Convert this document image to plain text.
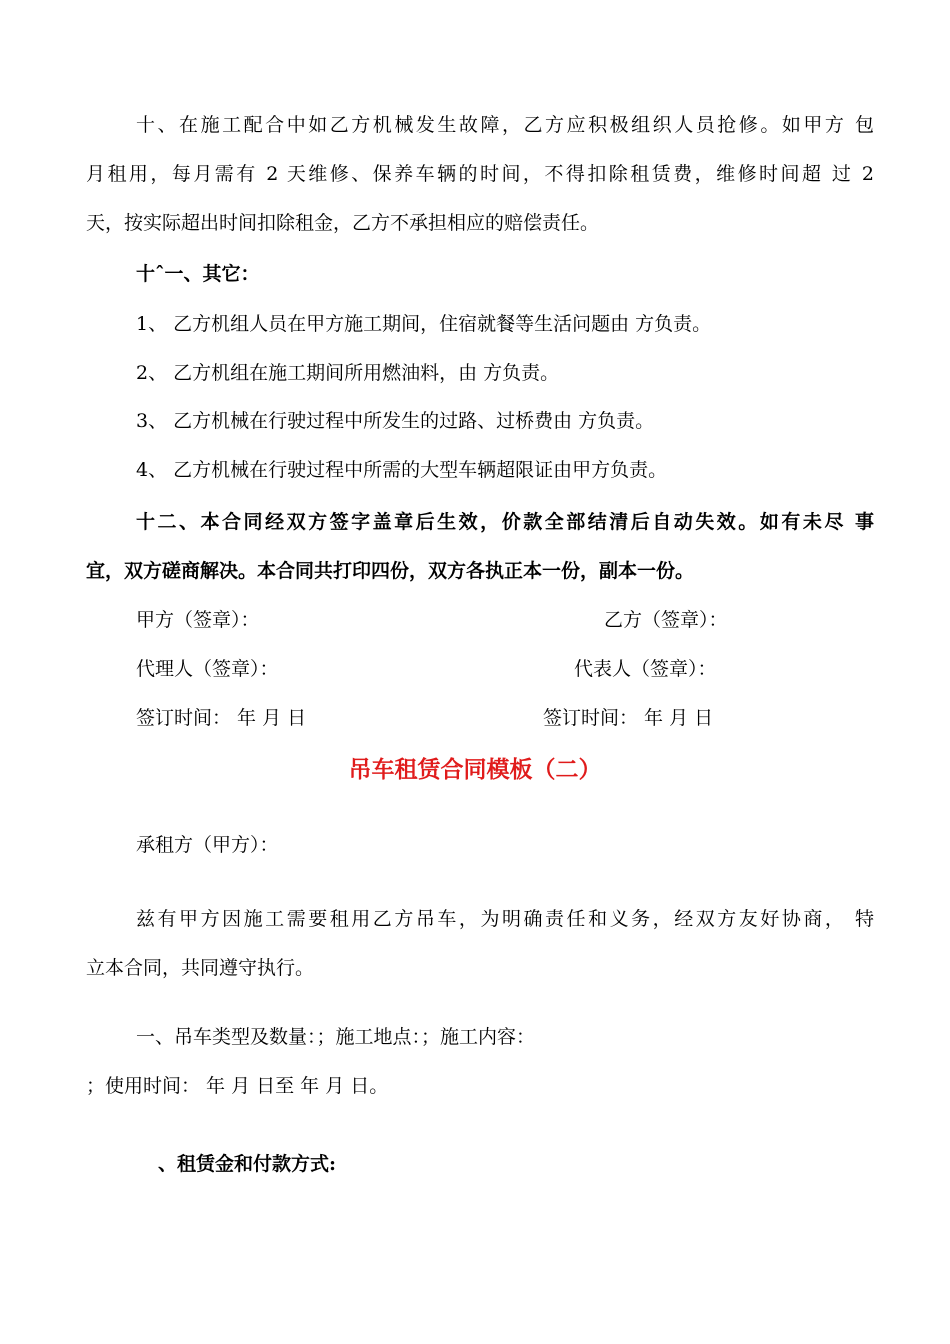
十、在施工配合中如乙方机械发生故障，乙方应积极组织人员抢修。如甲方 包
月租用，每月需有 2 天维修、保养车辆的时间，不得扣除租赁费，维修时间超 过 2
天，按实际超出时间扣除租金，乙方不承担相应的赔偿责任。
十ˆ一、其它：
1、 乙方机组人员在甲方施工期间，住宿就餐等生活问题由 方负责。
2、 乙方机组在施工期间所用燃油料，由 方负责。
3、 乙方机械在行驶过程中所发生的过路、过桥费由 方负责。
4、 乙方机械在行驶过程中所需的大型车辆超限证由甲方负责。
十二、本合同经双方签字盖章后生效，价款全部结清后自动失效。如有未尽 事
宜，双方磋商解决。本合同共打印四份，双方各执正本一份，副本一份。
甲方（签章）：	乙方（签章）：
代理人（签章）：	代表人（签章）：
签订时间： 年 月 日	签订时间： 年 月 日
吊车租赁合同模板（二）
承租方（甲方）：
兹有甲方因施工需要租用乙方吊车，为明确责任和义务，经双方友好协商， 特
立本合同，共同遵守执行。
一、吊车类型及数量：；施工地点：；施工内容：
；使用时间： 年 月 日至 年 月 日。
、租赁金和付款方式:
